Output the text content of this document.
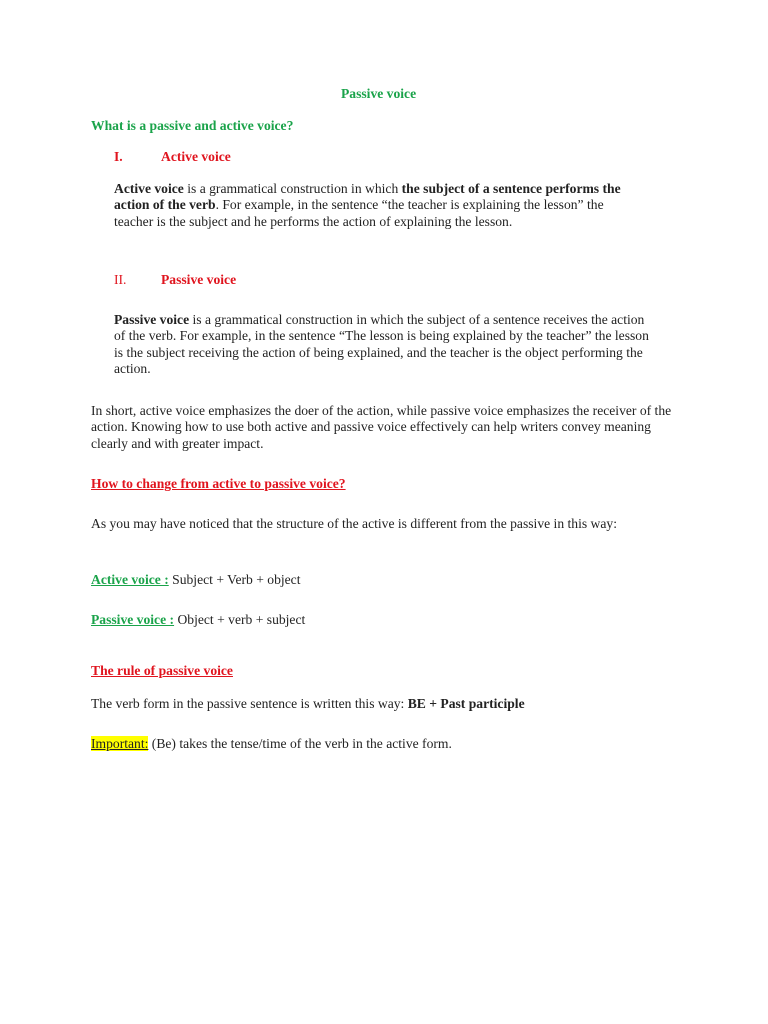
Passive voice
What is a passive and active voice?
I.	Active voice
Active voice is a grammatical construction in which the subject of a sentence performs the action of the verb. For example, in the sentence “the teacher is explaining the lesson” the teacher is the subject and he performs the action of explaining the lesson.
II.	Passive voice
Passive voice is a grammatical construction in which the subject of a sentence receives the action of the verb. For example, in the sentence “The lesson is being explained by the teacher” the lesson is the subject receiving the action of being explained, and the teacher is the object performing the action.
In short, active voice emphasizes the doer of the action, while passive voice emphasizes the receiver of the action. Knowing how to use both active and passive voice effectively can help writers convey meaning clearly and with greater impact.
How to change from active to passive voice?
As you may have noticed that the structure of the active is different from the passive in this way:
Active voice : Subject + Verb + object
Passive voice : Object + verb + subject
The rule of passive voice
The verb form in the passive sentence is written this way: BE + Past participle
Important: (Be) takes the tense/time of the verb in the active form.
